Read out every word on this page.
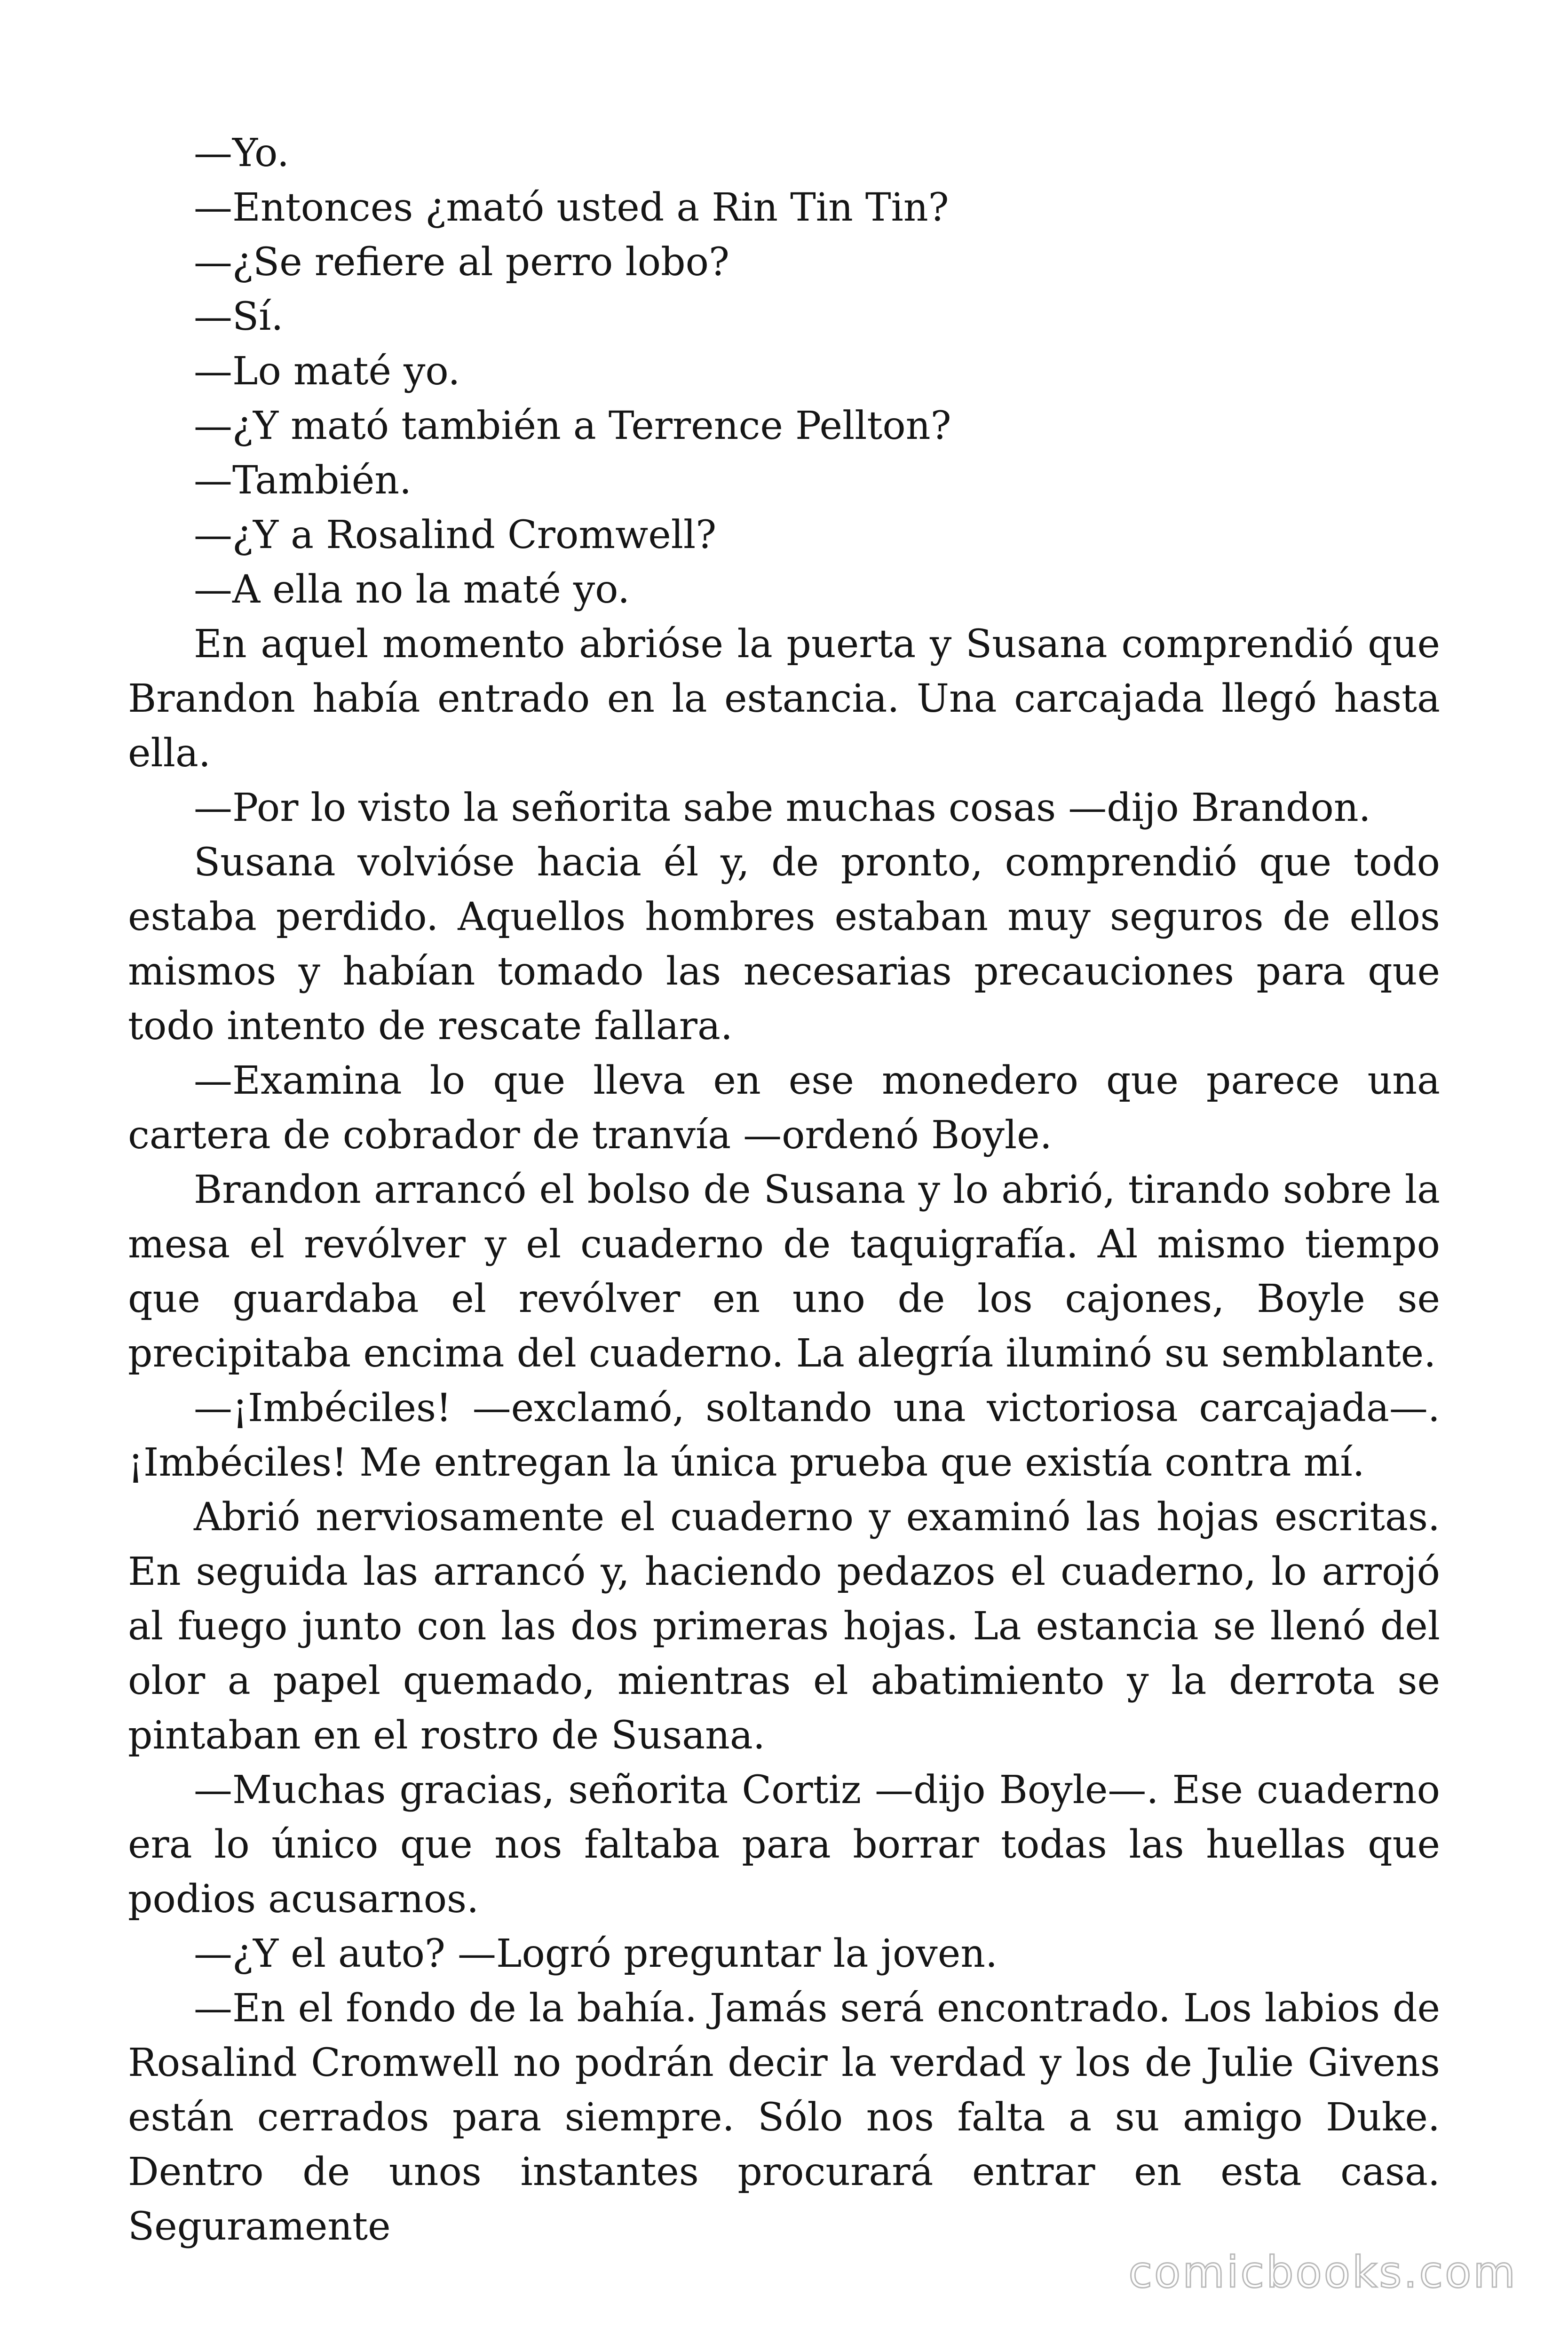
—Yo.

—Entonces ¿mató usted a Rin Tin Tin?

—¿Se refiere al perro lobo?

—Sí.

—Lo maté yo.

—¿Y mató también a Terrence Pellton?

—También.

—¿Y a Rosalind Cromwell?

—A ella no la maté yo.

En aquel momento abrióse la puerta y Susana comprendió que Brandon había entrado en la estancia. Una carcajada llegó hasta ella.

—Por lo visto la señorita sabe muchas cosas —dijo Brandon.

Susana volvióse hacia él y, de pronto, comprendió que todo estaba perdido. Aquellos hombres estaban muy seguros de ellos mismos y habían tomado las necesarias precauciones para que todo intento de rescate fallara.

—Examina lo que lleva en ese monedero que parece una cartera de cobrador de tranvía —ordenó Boyle.

Brandon arrancó el bolso de Susana y lo abrió, tirando sobre la mesa el revólver y el cuaderno de taquigrafía. Al mismo tiempo que guardaba el revólver en uno de los cajones, Boyle se precipitaba encima del cuaderno. La alegría iluminó su semblante.

—¡Imbéciles! —exclamó, soltando una victoriosa carcajada—. ¡Imbéciles! Me entregan la única prueba que existía contra mí.

Abrió nerviosamente el cuaderno y examinó las hojas escritas. En seguida las arrancó y, haciendo pedazos el cuaderno, lo arrojó al fuego junto con las dos primeras hojas. La estancia se llenó del olor a papel quemado, mientras el abatimiento y la derrota se pintaban en el rostro de Susana.

—Muchas gracias, señorita Cortiz —dijo Boyle—. Ese cuaderno era lo único que nos faltaba para borrar todas las huellas que podios acusarnos.

—¿Y el auto? —Logró preguntar la joven.

—En el fondo de la bahía. Jamás será encontrado. Los labios de Rosalind Cromwell no podrán decir la verdad y los de Julie Givens están cerrados para siempre. Sólo nos falta a su amigo Duke. Dentro de unos instantes procurará entrar en esta casa. Seguramente

comicbooks.com
